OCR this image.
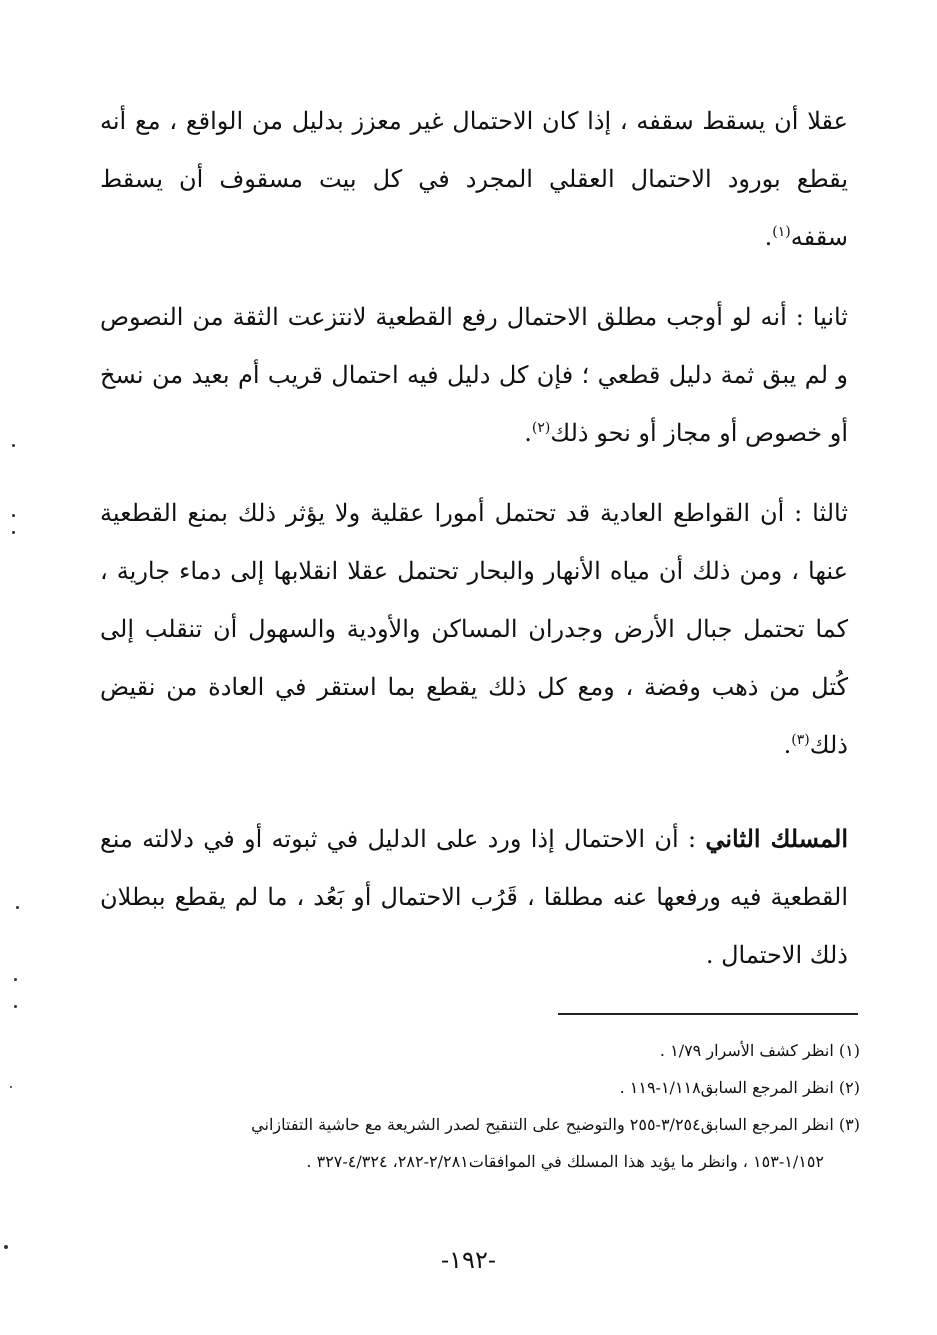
عقلا أن يسقط سقفه ، إذا كان الاحتمال غير معزز بدليل من الواقع ، مع أنه يقطع بورود الاحتمال العقلي المجرد في كل بيت مسقوف أن يسقط سقفه$^{(١)}$.

ثانيا : أنه لو أوجب مطلق الاحتمال رفع القطعية لانتزعت الثقة من النصوص و لم يبق ثمة دليل قطعي ؛ فإن كل دليل فيه احتمال قريب أم بعيد من نسخ أو خصوص أو مجاز أو نحو ذلك$^{(٢)}$.

ثالثا : أن القواطع العادية قد تحتمل أمورا عقلية ولا يؤثر ذلك بمنع القطعية عنها ، ومن ذلك أن مياه الأنهار والبحار تحتمل عقلا انقلابها إلى دماء جارية ، كما تحتمل جبال الأرض وجدران المساكن والأودية والسهول أن تنقلب إلى كُتل من ذهب وفضة ، ومع كل ذلك يقطع بما استقر في العادة من نقيض ذلك$^{(٣)}$.

المسلك الثاني : أن الاحتمال إذا ورد على الدليل في ثبوته أو في دلالته منع القطعية فيه ورفعها عنه مطلقا ، قَرُب الاحتمال أو بَعُد ، ما لم يقطع ببطلان ذلك الاحتمال .

(١) انظر كشف الأسرار ١/٧٩ .
(٢) انظر المرجع السابق١/١١٨-١١٩ .
(٣) انظر المرجع السابق٣/٢٥٤-٢٥٥ والتوضيح على التنقيح لصدر الشريعة مع حاشية التفتازاني
١/١٥٢-١٥٣ ، وانظر ما يؤيد هذا المسلك في الموافقات٢/٢٨١-٢٨٢، ٤/٣٢٤-٣٢٧ .
-١٩٢-
